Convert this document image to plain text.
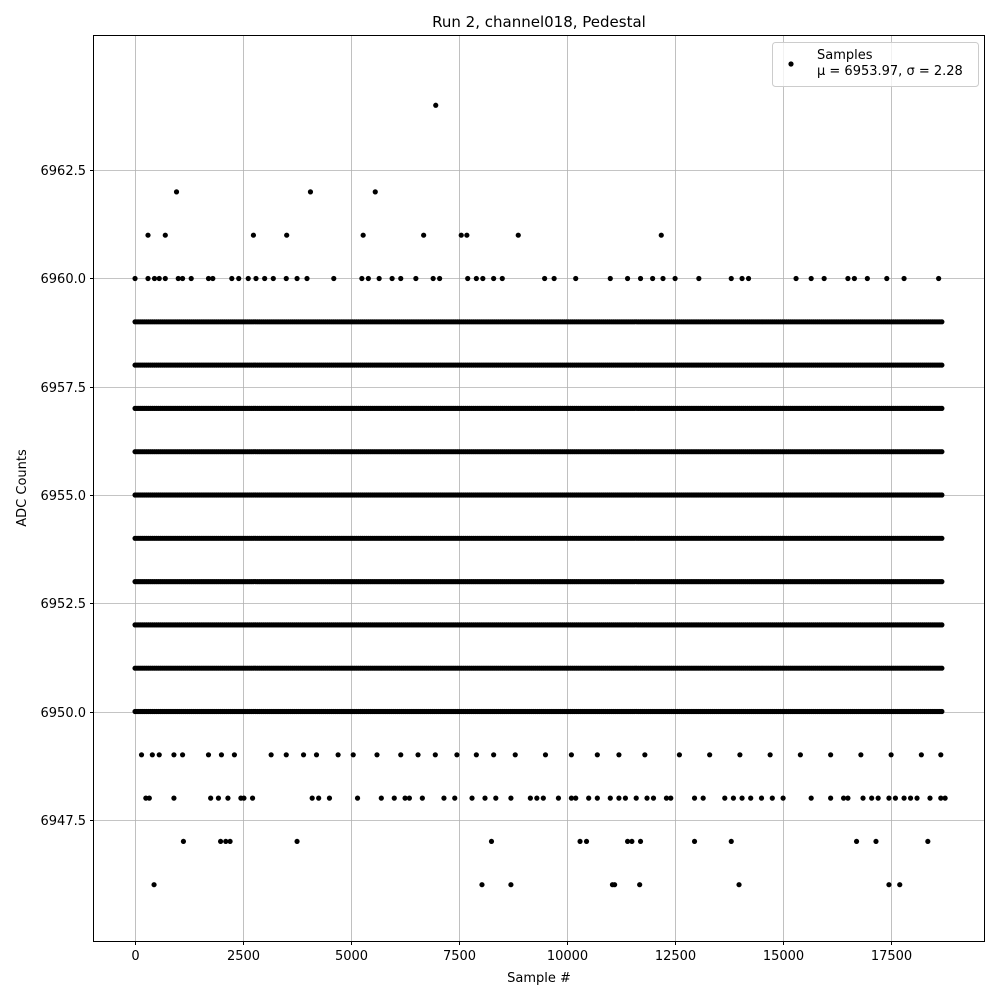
Run 2, channel018, Pedestal
0	2500	5000	7500	10000	12500	15000	17500
6947.5
6950.0
6952.5
6955.0
6957.5
6960.0
6962.5
Sample #
ADC Counts
Samples
μ = 6953.97, σ = 2.28
